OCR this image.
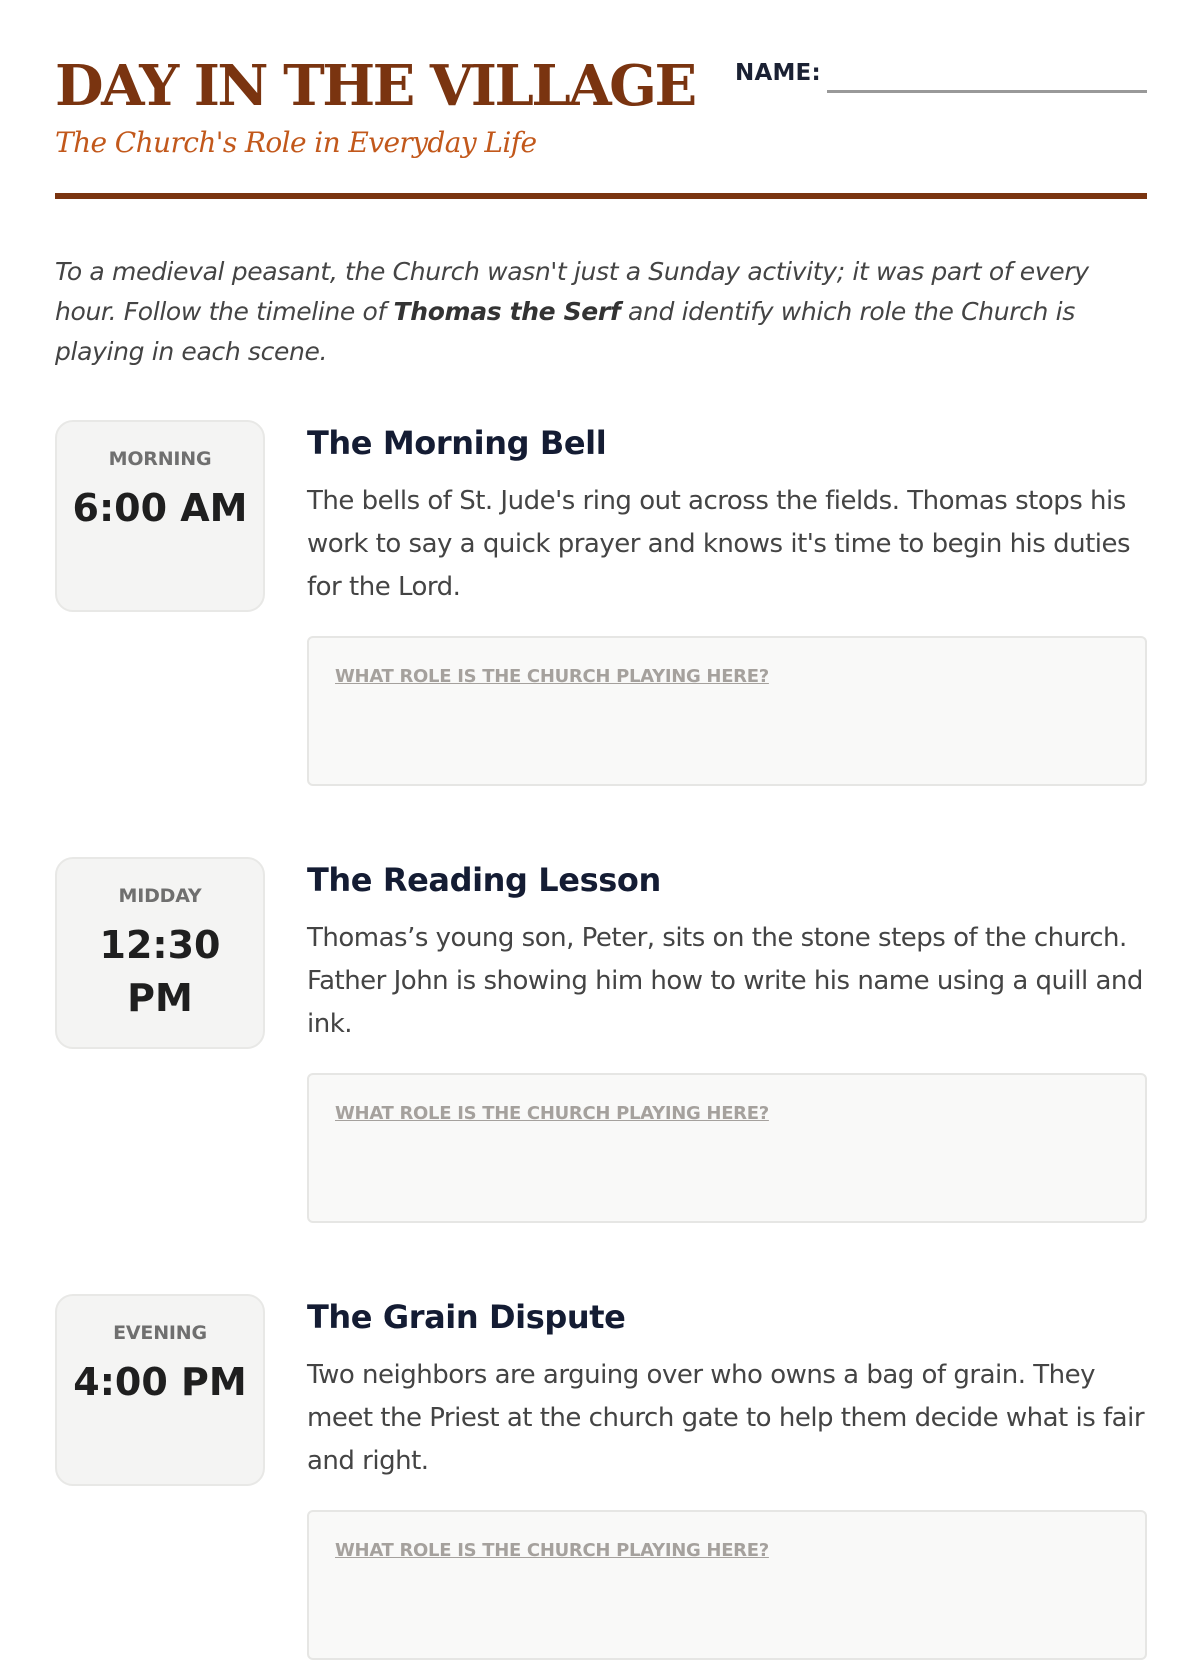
DAY IN THE VILLAGE
The Church's Role in Everyday Life
NAME:

To a medieval peasant, the Church wasn't just a Sunday activity; it was part of every hour. Follow the timeline of Thomas the Serf and identify which role the Church is playing in each scene.

MORNING
6:00 AM
The Morning Bell

The bells of St. Jude's ring out across the fields. Thomas stops his work to say a quick prayer and knows it's time to begin his duties for the Lord.

WHAT ROLE IS THE CHURCH PLAYING HERE?
MIDDAY
12:30 PM
The Reading Lesson

Thomas’s young son, Peter, sits on the stone steps of the church. Father John is showing him how to write his name using a quill and ink.

WHAT ROLE IS THE CHURCH PLAYING HERE?
EVENING
4:00 PM
The Grain Dispute

Two neighbors are arguing over who owns a bag of grain. They meet the Priest at the church gate to help them decide what is fair and right.

WHAT ROLE IS THE CHURCH PLAYING HERE?
